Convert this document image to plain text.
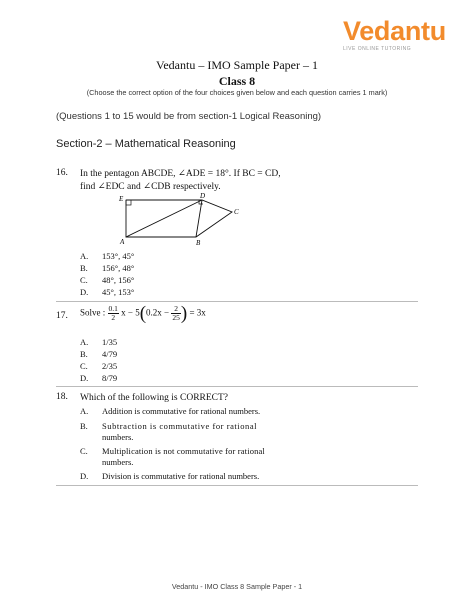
Vedantu
LIVE ONLINE TUTORING
Vedantu – IMO Sample Paper – 1
Class 8
(Choose the correct option of the four choices given below and each question carries 1 mark)
(Questions 1 to 15 would be from section-1 Logical Reasoning)
Section-2 – Mathematical Reasoning
16. In the pentagon ABCDE, ∠ADE = 18°. If BC = CD,
find ∠EDC and ∠CDB respectively.
E	D
C
A	B
A. 153°, 45°
B. 156°, 48°
C. 48°, 156°
D. 45°, 153°
17. Solve : $\frac{0.1}{2}$ $x - 5(0.2x - \frac{2}{25}$ ) = 3x
A. 1/35
B. 4/79
C. 2/35
D. 8/79
18. Which of the following is CORRECT?
A. Addition is commutative for rational numbers.
B. Subtraction is commutative for rational
numbers.
C. Multiplication is not commutative for rational
numbers.
D. Division is commutative for rational numbers.
Vedantu - IMO Class 8 Sample Paper - 1
